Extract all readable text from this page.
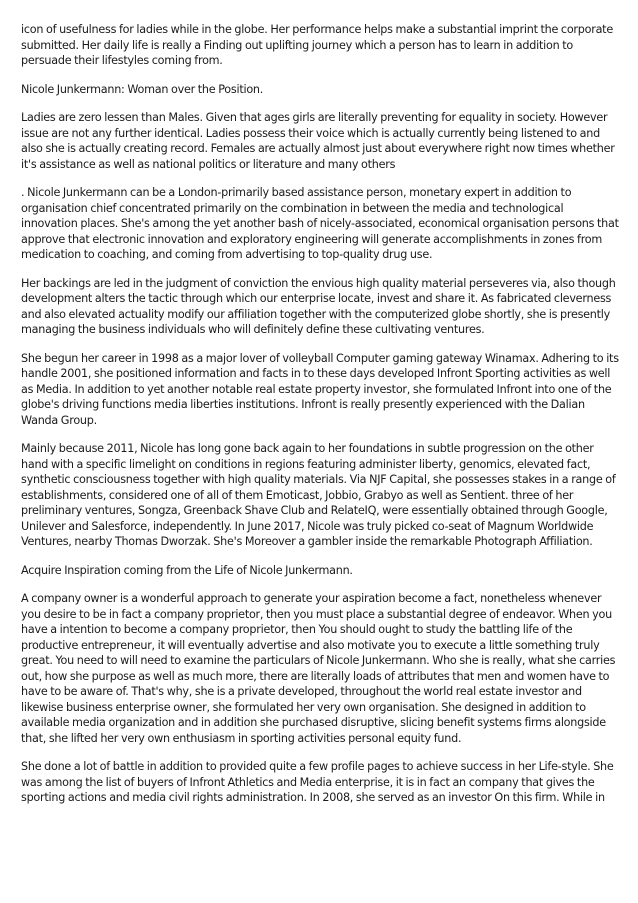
icon of usefulness for ladies while in the globe. Her performance helps make a substantial imprint the corporate submitted. Her daily life is really a Finding out uplifting journey which a person has to learn in addition to persuade their lifestyles coming from.

Nicole Junkermann: Woman over the Position.

Ladies are zero lessen than Males. Given that ages girls are literally preventing for equality in society. However issue are not any further identical. Ladies possess their voice which is actually currently being listened to and also she is actually creating record. Females are actually almost just about everywhere right now times whether it's assistance as well as national politics or literature and many others

. Nicole Junkermann can be a London-primarily based assistance person, monetary expert in addition to organisation chief concentrated primarily on the combination in between the media and technological innovation places. She's among the yet another bash of nicely-associated, economical organisation persons that approve that electronic innovation and exploratory engineering will generate accomplishments in zones from medication to coaching, and coming from advertising to top-quality drug use.

Her backings are led in the judgment of conviction the envious high quality material perseveres via, also though development alters the tactic through which our enterprise locate, invest and share it. As fabricated cleverness and also elevated actuality modify our affiliation together with the computerized globe shortly, she is presently managing the business individuals who will definitely define these cultivating ventures.

She begun her career in 1998 as a major lover of volleyball Computer gaming gateway Winamax. Adhering to its handle 2001, she positioned information and facts in to these days developed Infront Sporting activities as well as Media. In addition to yet another notable real estate property investor, she formulated Infront into one of the globe's driving functions media liberties institutions. Infront is really presently experienced with the Dalian Wanda Group.

Mainly because 2011, Nicole has long gone back again to her foundations in subtle progression on the other hand with a specific limelight on conditions in regions featuring administer liberty, genomics, elevated fact, synthetic consciousness together with high quality materials. Via NJF Capital, she possesses stakes in a range of establishments, considered one of all of them Emoticast, Jobbio, Grabyo as well as Sentient. three of her preliminary ventures, Songza, Greenback Shave Club and RelateIQ, were essentially obtained through Google, Unilever and Salesforce, independently. In June 2017, Nicole was truly picked co-seat of Magnum Worldwide Ventures, nearby Thomas Dworzak. She's Moreover a gambler inside the remarkable Photograph Affiliation.

Acquire Inspiration coming from the Life of Nicole Junkermann.

A company owner is a wonderful approach to generate your aspiration become a fact, nonetheless whenever you desire to be in fact a company proprietor, then you must place a substantial degree of endeavor. When you have a intention to become a company proprietor, then You should ought to study the battling life of the productive entrepreneur, it will eventually advertise and also motivate you to execute a little something truly great. You need to will need to examine the particulars of Nicole Junkermann. Who she is really, what she carries out, how she purpose as well as much more, there are literally loads of attributes that men and women have to have to be aware of. That's why, she is a private developed, throughout the world real estate investor and likewise business enterprise owner, she formulated her very own organisation. She designed in addition to available media organization and in addition she purchased disruptive, slicing benefit systems firms alongside that, she lifted her very own enthusiasm in sporting activities personal equity fund.

She done a lot of battle in addition to provided quite a few profile pages to achieve success in her Life-style. She was among the list of buyers of Infront Athletics and Media enterprise, it is in fact an company that gives the sporting actions and media civil rights administration. In 2008, she served as an investor On this firm. While in
